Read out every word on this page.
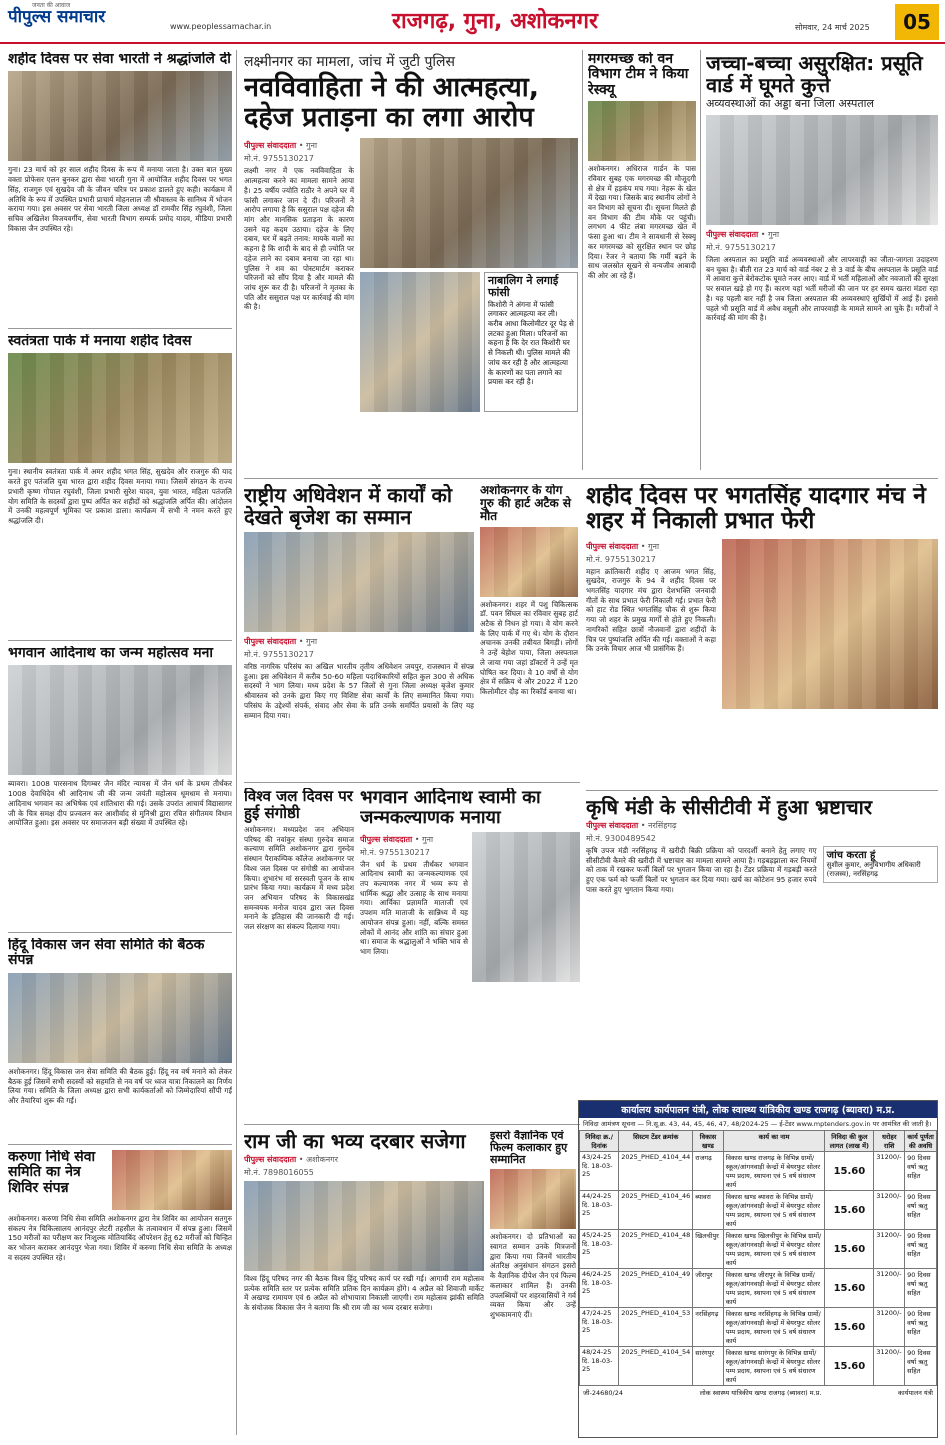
जनता की आवाज
पीपुल्स समाचार	www.peoplessamachar.in	राजगढ़, गुना, अशोकनगर	सोमवार, 24 मार्च 2025	05
शहीद दिवस पर सेवा भारती ने श्रद्धांजलि दी
गुना। 23 मार्च को हर साल शहीद दिवस के रूप में मनाया जाता है। उक्त बात मुख्य वक्ता प्रोफेसर एलन बुनकर द्वारा सेवा भारती गुना में आयोजित शहीद दिवस पर भगत सिंह, राजगुरु एवं सुखदेव जी के जीवन चरित्र पर प्रकाश डालते हुए कही। कार्यक्रम में अतिथि के रूप में उपस्थित प्रभारी प्राचार्य मोहनलाल जी श्रीवास्तव के सानिध्य में भोजन कराया गया। इस अवसर पर सेवा भारती जिला अध्यक्ष डॉ रामवीर सिंह रघुवंशी, जिला सचिव अखिलेश विजयवर्गीय, सेवा भारती विभाग सम्पर्क प्रमोद यादव, मीडिया प्रभारी विकास जैन उपस्थित रहे।
स्वतंत्रता पार्क में मनाया शहीद दिवस
गुना। स्थानीय स्वतंत्रता पार्क में अमर शहीद भगत सिंह, सुखदेव और राजगुरु की याद करते हुए पतंजलि युवा भारत द्वारा शहीद दिवस मनाया गया। जिसमें संगठन के राज्य प्रभारी कृष्ण गोपाल रघुवंशी, जिला प्रभारी सुरेश यादव, युवा भारत, महिला पतंजलि योग समिति के सदस्यों द्वारा पुष्प अर्पित कर शहीदों को श्रद्धांजलि अर्पित की। आंदोलन में उनकी महत्वपूर्ण भूमिका पर प्रकाश डाला। कार्यक्रम में सभी ने नमन करते हुए श्रद्धांजलि दी।
भगवान आदिनाथ का जन्म महोत्सव मना
ब्यावरा। 1008 पारसनाथ दिगम्बर जैन मंदिर न्यायस में जैन धर्म के प्रथम तीर्थंकर 1008 देवाधिदेव श्री आदिनाथ जी की जन्म जयंती महोत्सव धूमधाम से मनाया। आदिनाथ भगवान का अभिषेक एवं शांतिधारा की गई। उसके उपरांत आचार्य विद्यासागर जी के चित्र समक्ष दीप प्रज्वलन कर आशीर्वाद से मुनिश्री द्वारा रचित संगीतमय विधान आयोजित हुआ। इस अवसर पर समाजजन बड़ी संख्या में उपस्थित रहे।
हिंदू विकास जन सेवा समिति की बैठक संपन्न
अशोकनगर। हिंदू विकास जन सेवा समिति की बैठक हुई। हिंदू नव वर्ष मनाने को लेकर बैठक हुई जिसमें सभी सदस्यों को सहमति से नव वर्ष पर ध्वज यात्रा निकालने का निर्णय लिया गया। समिति के जिला अध्यक्ष द्वारा सभी कार्यकर्ताओं को जिम्मेदारियां सौंपी गईं और तैयारियां शुरू की गईं।
करुणा निधि सेवा समिति का नेत्र शिविर संपन्न
अशोकनगर। करुणा निधि सेवा समिति अशोकनगर द्वारा नेत्र शिविर का आयोजन सतगुरु संकल्प नेत्र चिकित्सालय आनंदपुर लेटरी तहसील के तत्वावधान में संपन्न हुआ। जिसमें 150 मरीजों का परीक्षण कर निःशुल्क मोतियाबिंद ऑपरेशन हेतु 62 मरीजों को चिन्हित कर भोजन कराकर आनंदपुर भेजा गया। शिविर में करुणा निधि सेवा समिति के अध्यक्ष व सदस्य उपस्थित रहे।
लक्ष्मीनगर का मामला, जांच में जुटी पुलिस
नवविवाहिता ने की आत्महत्या, दहेज प्रताड़ना का लगा आरोप
पीपुल्स संवाददाता • गुना
मो.नं. 9755130217
लक्ष्मी नगर में एक नवविवाहिता के आत्महत्या करने का मामला सामने आया है। 25 वर्षीय ज्योति राठौर ने अपने घर में फांसी लगाकर जान दे दी। परिजनों ने आरोप लगाया है कि ससुराल पक्ष दहेज की मांग और मानसिक प्रताड़ना के कारण उसने यह कदम उठाया। दहेज के लिए दबाव, घर में बढ़ते तनाव: मायके वालों का कहना है कि शादी के बाद से ही ज्योति पर दहेज लाने का दबाव बनाया जा रहा था। पुलिस ने शव का पोस्टमार्टम कराकर परिजनों को सौंप दिया है और मामले की जांच शुरू कर दी है। परिजनों ने मृतका के पति और ससुराल पक्ष पर कार्रवाई की मांग की है।
नाबालिग ने लगाई फांसी
किशोरी ने अंगना में फांसी लगाकर आत्महत्या कर ली। करीब आधा किलोमीटर दूर पेड़ से लटका हुआ मिला। परिजनों का कहना है कि देर रात किशोरी घर से निकली थी। पुलिस मामले की जांच कर रही है और आत्महत्या के कारणों का पता लगाने का प्रयास कर रही है।
मगरमच्छ को वन विभाग टीम ने किया रेस्क्यू
अशोकनगर। अधिराज गार्डन के पास रविवार सुबह एक मगरमच्छ की मौजूदगी से क्षेत्र में हड़कंप मच गया। नेहरू के खेत में देखा गया। जिसके बाद स्थानीय लोगों ने वन विभाग को सूचना दी। सूचना मिलते ही वन विभाग की टीम मौके पर पहुंची। लगभग 4 फीट लंबा मगरमच्छ खेत में फंसा हुआ था। टीम ने सावधानी से रेस्क्यू कर मगरमच्छ को सुरक्षित स्थान पर छोड़ दिया। रेंजर ने बताया कि गर्मी बढ़ने के साथ जलस्रोत सूखने से वन्यजीव आबादी की ओर आ रहे हैं।
जच्चा-बच्चा असुरक्षित: प्रसूति वार्ड में घूमते कुत्ते
अव्यवस्थाओं का अड्डा बना जिला अस्पताल
पीपुल्स संवाददाता • गुना
मो.नं. 9755130217
जिला अस्पताल का प्रसूति वार्ड अव्यवस्थाओं और लापरवाही का जीता-जागता उदाहरण बन चुका है। बीती रात 23 मार्च को वार्ड नंबर 2 से 3 वार्ड के बीच अस्पताल के प्रसूति वार्ड में आवारा कुत्ते बेरोकटोक घूमते नजर आए। वार्ड में भर्ती महिलाओं और नवजातों की सुरक्षा पर सवाल खड़े हो गए हैं। कारण यहां भर्ती मरीजों की जान पर हर समय खतरा मंडरा रहा है। यह पहली बार नहीं है जब जिला अस्पताल की अव्यवस्थाएं सुर्खियों में आई हैं। इससे पहले भी प्रसूति वार्ड में अवैध वसूली और लापरवाही के मामले सामने आ चुके हैं। मरीजों ने कार्रवाई की मांग की है।
राष्ट्रीय अधिवेशन में कार्यों को देखते बृजेश का सम्मान
पीपुल्स संवाददाता • गुना
मो.नं. 9755130217
वरिष्ठ नागरिक परिसंघ का अखिल भारतीय तृतीय अधिवेशन जयपुर, राजस्थान में संपन्न हुआ। इस अधिवेशन में करीब 50-60 महिला पदाधिकारियों सहित कुल 300 से अधिक सदस्यों ने भाग लिया। मध्य प्रदेश के 57 जिलों से गुना जिला अध्यक्ष बृजेश कुमार श्रीवास्तव को उनके द्वारा किए गए विशिष्ट सेवा कार्यों के लिए सम्मानित किया गया। परिसंघ के उद्देश्यों संपर्क, संवाद और सेवा के प्रति उनके समर्पित प्रयासों के लिए यह सम्मान दिया गया।
अशोकनगर के योग गुरु की हार्ट अटैक से मौत
अशोकनगर। शहर में पशु चिकित्सक डॉ. पवन सिंघल का रविवार सुबह हार्ट अटैक से निधन हो गया। वे योग करने के लिए पार्क में गए थे। योग के दौरान अचानक उनकी तबीयत बिगड़ी। लोगों ने उन्हें बेहोश पाया, जिला अस्पताल ले जाया गया जहां डॉक्टरों ने उन्हें मृत घोषित कर दिया। वे 10 वर्षों से योग क्षेत्र में सक्रिय थे और 2022 में 120 किलोमीटर दौड़ का रिकॉर्ड बनाया था।
शहीद दिवस पर भगतसिंह यादगार मंच ने शहर में निकाली प्रभात फेरी
पीपुल्स संवाददाता • गुना
मो.नं. 9755130217
महान क्रांतिकारी शहीद ए आजम भगत सिंह, सुखदेव, राजगुरु के 94 वे शहीद दिवस पर भगतसिंह यादगार मंच द्वारा देशभक्ति जनवादी गीतों के साथ प्रभात फेरी निकाली गई। प्रभात फेरी को हाट रोड स्थित भगतसिंह चौक से शुरू किया गया जो शहर के प्रमुख मार्गों से होते हुए निकली। नागरिकों सहित छात्रों नौजवानों द्वारा शहीदों के चित्र पर पुष्पांजलि अर्पित की गई। वक्ताओं ने कहा कि उनके विचार आज भी प्रासंगिक हैं।
विश्व जल दिवस पर हुई संगोष्ठी
अशोकनगर। मध्यप्रदेश जन अभियान परिषद की नवांकुर संस्था गुरुदेव समाज कल्याण समिति अशोकनगर द्वारा गुरुदेव संस्थान पैराकम्पिक कॉलेज अशोकनगर पर विश्व जल दिवस पर संगोष्ठी का आयोजन किया। शुभारंभ मां सरस्वती पूजन के साथ प्रारंभ किया गया। कार्यक्रम में मध्य प्रदेश जन अभियान परिषद के विकासखंड समन्वयक मनोज यादव द्वारा जल दिवस मनाने के इतिहास की जानकारी दी गई। जल संरक्षण का संकल्प दिलाया गया।
भगवान आदिनाथ स्वामी का जन्मकल्याणक मनाया
पीपुल्स संवाददाता • गुना
मो.नं. 9755130217
जैन धर्म के प्रथम तीर्थंकर भगवान आदिनाथ स्वामी का जन्मकल्याणक एवं तप कल्याणक नगर में भव्य रूप से धार्मिक श्रद्धा और उत्साह के साथ मनाया गया। आर्यिका प्रज्ञामति माताजी एवं उपशम मति माताजी के सान्निध्य में यह आयोजन संपन्न हुआ। नहीं, बल्कि समस्त लोकों में आनंद और शांति का संचार हुआ था। समाज के श्रद्धालुओं ने भक्ति भाव से भाग लिया।
कृषि मंडी के सीसीटीवी में हुआ भ्रष्टाचार
पीपुल्स संवाददाता • नरसिंहगढ़
मो.नं. 9300489542
कृषि उपज मंडी नरसिंहगढ़ में खरीदी बिक्री प्रक्रिया को पारदर्शी बनाने हेतु लगाए गए सीसीटीवी कैमरे की खरीदी में भ्रष्टाचार का मामला सामने आया है। गड़बड़झाला कर नियमों को ताक में रखकर फर्जी बिलों पर भुगतान किया जा रहा है। टेंडर प्रक्रिया में गड़बड़ी करते हुए एक फर्म को फर्जी बिलों पर भुगतान कर दिया गया। खर्च का कोटेशन 95 हजार रुपये पास करते हुए भुगतान किया गया।
जांच करता हूं
सुशील कुमार, अनुविभागीय अधिकारी (राजस्व), नरसिंहगढ़
राम जी का भव्य दरबार सजेगा
पीपुल्स संवाददाता • अशोकनगर
मो.नं. 7898016055
विश्व हिंदू परिषद नगर की बैठक विश्व हिंदू परिषद कार्य पर रखी गई। आगामी राम महोत्सव प्रत्येक समिति स्तर पर प्रत्येक समिति प्रतिक दिन कार्यक्रम होंगे। 4 अप्रैल को शिवाजी मार्केट में अखण्ड रामायण एवं 6 अप्रैल को शोभायात्रा निकाली जाएगी। राम महोत्सव झांकी समिति के संयोजक विकास जैन ने बताया कि श्री राम जी का भव्य दरबार सजेगा।
इसरो वैज्ञानिक एवं फिल्म कलाकार हुए सम्मानित
अशोकनगर। दो प्रतिभाओं का स्वागत सम्मान उनके मित्रजनों द्वारा किया गया जिनमें भारतीय अंतरिक्ष अनुसंधान संगठन इसरो के वैज्ञानिक दीपेश जैन एवं फिल्म कलाकार शामिल हैं। उनकी उपलब्धियों पर शहरवासियों ने गर्व व्यक्त किया और उन्हें शुभकामनाएं दीं।
कार्यालय कार्यपालन यंत्री, लोक स्वास्थ्य यांत्रिकीय खण्ड राजगढ़ (ब्यावरा) म.प्र.
निविदा आमंत्रण सूचना — नि.सू.क्र. 43, 44, 45, 46, 47, 48/2024-25 — ई-टेंडर www.mptenders.gov.in पर आमंत्रित की जाती है।
निविदा क्र./दिनांक	सिस्टम टेंडर क्रमांक	विकास खण्ड	कार्य का नाम	निविदा की कुल लागत (लाख में)	धरोहर राशि	कार्य पूर्णता की अवधि
43/24-25 दि. 18-03-25	2025_PHED_4104_44	राजगढ़	विकास खण्ड राजगढ़ के विभिन्न ग्रामों/स्कूल/आंगनवाड़ी केन्द्रों में बेयरफुट सोलर पम्प प्रदाय, स्थापना एवं 5 वर्ष संधारण कार्य	15.60	31200/-	90 दिवस वर्षा ऋतु सहित
44/24-25 दि. 18-03-25	2025_PHED_4104_46	ब्यावरा	विकास खण्ड ब्यावरा के विभिन्न ग्रामों/स्कूल/आंगनवाड़ी केन्द्रों में बेयरफुट सोलर पम्प प्रदाय, स्थापना एवं 5 वर्ष संधारण कार्य	15.60	31200/-	90 दिवस वर्षा ऋतु सहित
45/24-25 दि. 18-03-25	2025_PHED_4104_48	खिलचीपुर	विकास खण्ड खिलचीपुर के विभिन्न ग्रामों/स्कूल/आंगनवाड़ी केन्द्रों में बेयरफुट सोलर पम्प प्रदाय, स्थापना एवं 5 वर्ष संधारण कार्य	15.60	31200/-	90 दिवस वर्षा ऋतु सहित
46/24-25 दि. 18-03-25	2025_PHED_4104_49	जीरापुर	विकास खण्ड जीरापुर के विभिन्न ग्रामों/स्कूल/आंगनवाड़ी केन्द्रों में बेयरफुट सोलर पम्प प्रदाय, स्थापना एवं 5 वर्ष संधारण कार्य	15.60	31200/-	90 दिवस वर्षा ऋतु सहित
47/24-25 दि. 18-03-25	2025_PHED_4104_53	नरसिंहगढ़	विकास खण्ड नरसिंहगढ़ के विभिन्न ग्रामों/स्कूल/आंगनवाड़ी केन्द्रों में बेयरफुट सोलर पम्प प्रदाय, स्थापना एवं 5 वर्ष संधारण कार्य	15.60	31200/-	90 दिवस वर्षा ऋतु सहित
48/24-25 दि. 18-03-25	2025_PHED_4104_54	सारंगपुर	विकास खण्ड सारंगपुर के विभिन्न ग्रामों/स्कूल/आंगनवाड़ी केन्द्रों में बेयरफुट सोलर पम्प प्रदाय, स्थापना एवं 5 वर्ष संधारण कार्य	15.60	31200/-	90 दिवस वर्षा ऋतु सहित
जी-24680/24	लोक स्वास्थ्य यांत्रिकीय खण्ड राजगढ़ (ब्यावरा) म.प्र.	कार्यपालन यंत्री
